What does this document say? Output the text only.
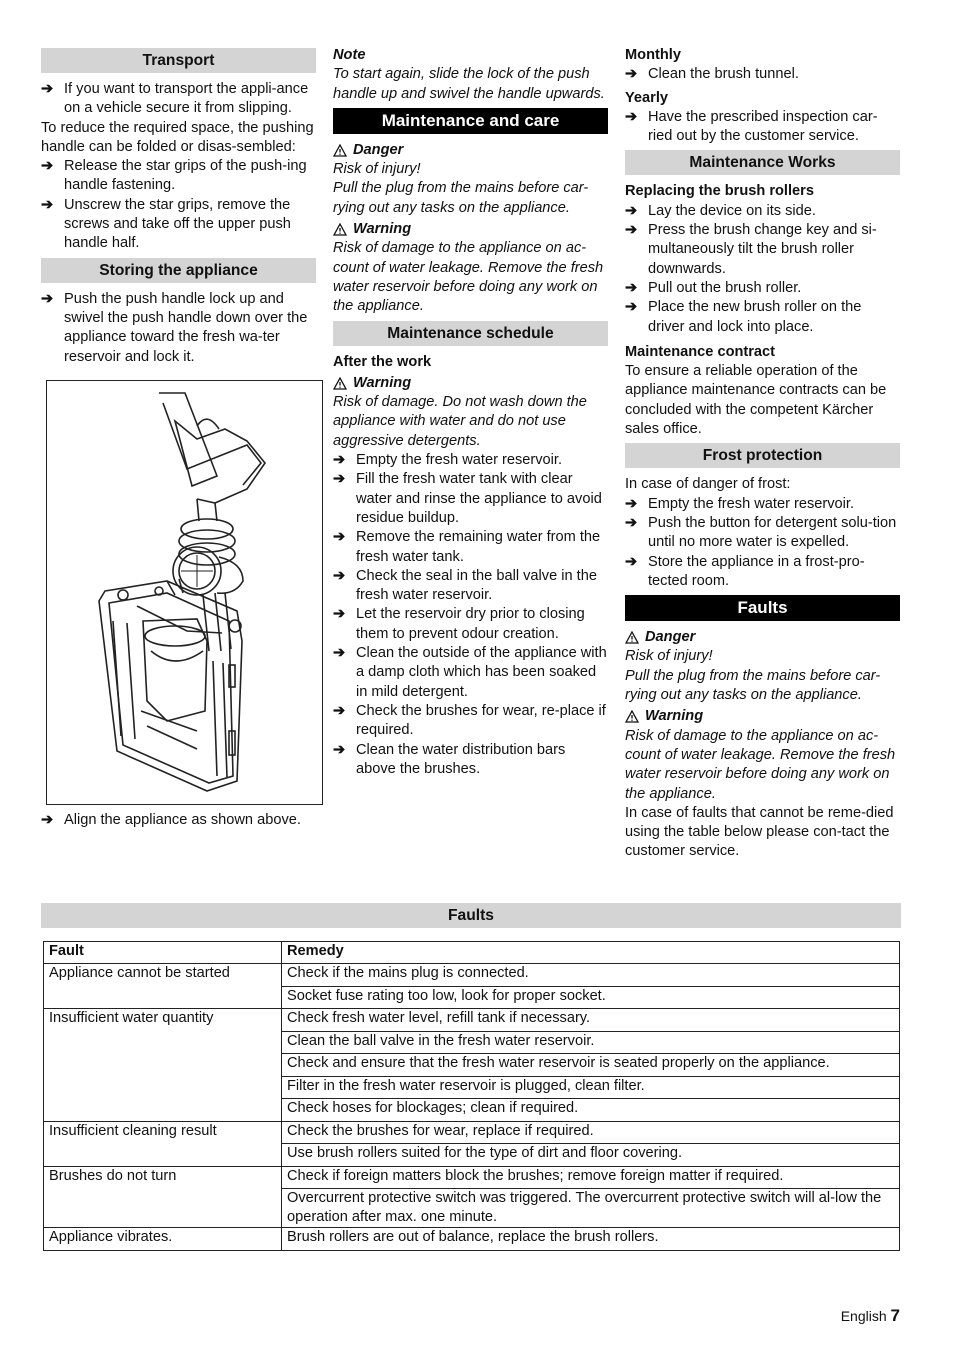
Transport
➔ If you want to transport the appli-ance on a vehicle secure it from slipping.
To reduce the required space, the pushing handle can be folded or disas-sembled:
➔ Release the star grips of the push-ing handle fastening.
➔ Unscrew the star grips, remove the screws and take off the upper push handle half.
Storing the appliance
➔ Push the push handle lock up and swivel the push handle down over the appliance toward the fresh wa-ter reservoir and lock it.
➔ Align the appliance as shown above.
Note
To start again, slide the lock of the push handle up and swivel the handle upwards.
Maintenance and care
Danger
Risk of injury!
Pull the plug from the mains before car-rying out any tasks on the appliance.
Warning
Risk of damage to the appliance on ac-count of water leakage. Remove the fresh water reservoir before doing any work on the appliance.
Maintenance schedule
After the work
Warning
Risk of damage. Do not wash down the appliance with water and do not use aggressive detergents.
➔ Empty the fresh water reservoir.
➔ Fill the fresh water tank with clear water and rinse the appliance to avoid residue buildup.
➔ Remove the remaining water from the fresh water tank.
➔ Check the seal in the ball valve in the fresh water reservoir.
➔ Let the reservoir dry prior to closing them to prevent odour creation.
➔ Clean the outside of the appliance with a damp cloth which has been soaked in mild detergent.
➔ Check the brushes for wear, re-place if required.
➔ Clean the water distribution bars above the brushes.
Monthly
➔ Clean the brush tunnel.
Yearly
➔ Have the prescribed inspection car-ried out by the customer service.
Maintenance Works
Replacing the brush rollers
➔ Lay the device on its side.
➔ Press the brush change key and si-multaneously tilt the brush roller downwards.
➔ Pull out the brush roller.
➔ Place the new brush roller on the driver and lock into place.
Maintenance contract
To ensure a reliable operation of the appliance maintenance contracts can be concluded with the competent Kärcher sales office.
Frost protection
In case of danger of frost:
➔ Empty the fresh water reservoir.
➔ Push the button for detergent solu-tion until no more water is expelled.
➔ Store the appliance in a frost-pro-tected room.
Faults
Danger
Risk of injury!
Pull the plug from the mains before car-rying out any tasks on the appliance.
Warning
Risk of damage to the appliance on ac-count of water leakage. Remove the fresh water reservoir before doing any work on the appliance.
In case of faults that cannot be reme-died using the table below please con-tact the customer service.
Faults
Fault	Remedy
Appliance cannot be started	Check if the mains plug is connected.
	Socket fuse rating too low, look for proper socket.
Insufficient water quantity	Check fresh water level, refill tank if necessary.
	Clean the ball valve in the fresh water reservoir.
	Check and ensure that the fresh water reservoir is seated properly on the appliance.
	Filter in the fresh water reservoir is plugged, clean filter.
	Check hoses for blockages; clean if required.
Insufficient cleaning result	Check the brushes for wear, replace if required.
	Use brush rollers suited for the type of dirt and floor covering.
Brushes do not turn	Check if foreign matters block the brushes; remove foreign matter if required.
	Overcurrent protective switch was triggered. The overcurrent protective switch will al-low the operation after max. one minute.
Appliance vibrates.	Brush rollers are out of balance, replace the brush rollers.
English 7
